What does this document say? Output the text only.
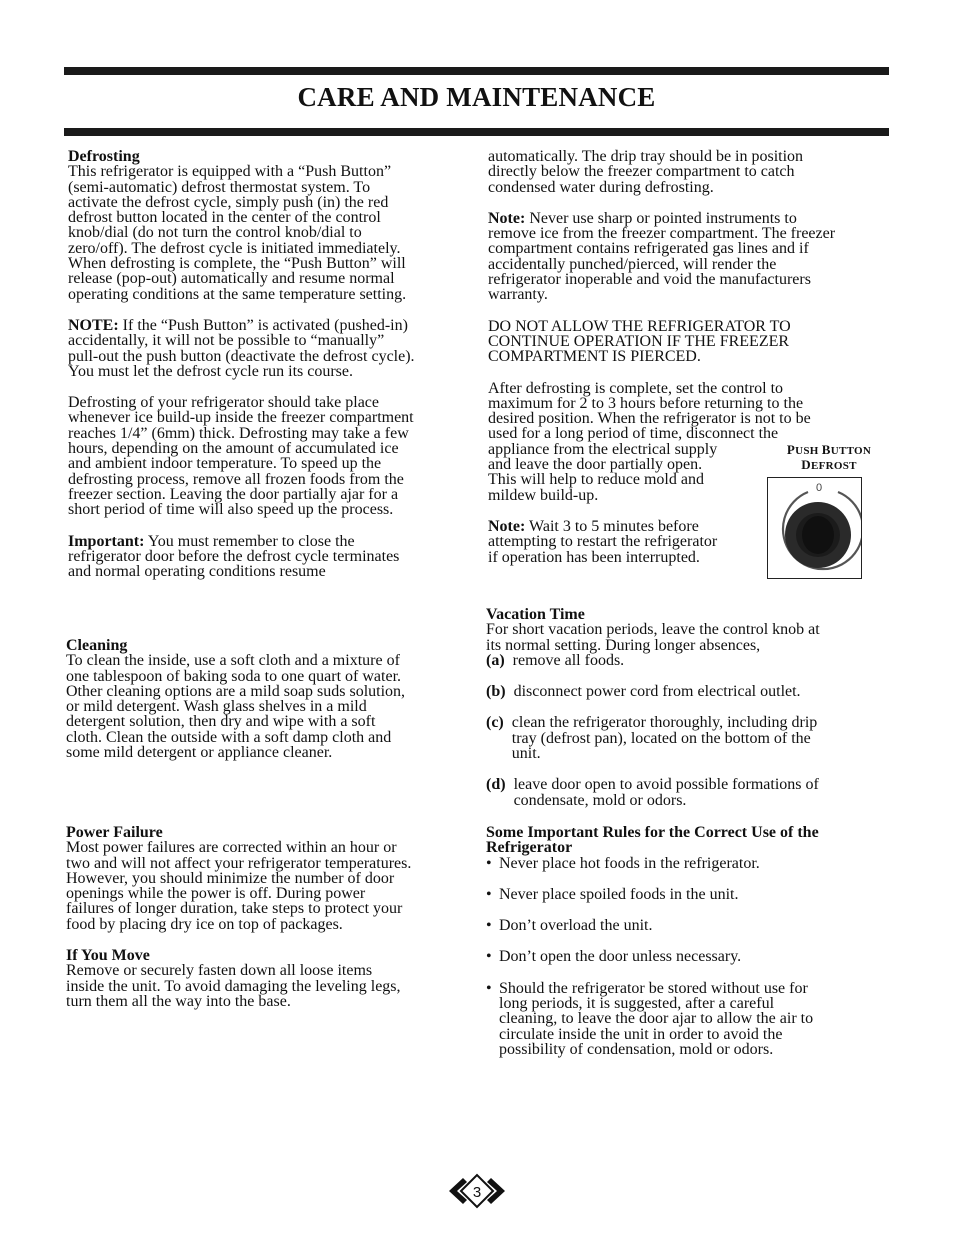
CARE AND MAINTENANCE

Defrosting

This refrigerator is equipped with a “Push Button”

(semi-automatic) defrost thermostat system. To

activate the defrost cycle, simply push (in) the red

defrost button located in the center of the control

knob/dial (do not turn the control knob/dial to

zero/off). The defrost cycle is initiated immediately.

When defrosting is complete, the “Push Button” will

release (pop-out) automatically and resume normal

operating conditions at the same temperature setting.

NOTE: If the “Push Button” is activated (pushed-in)
accidentally, it will not be possible to “manually”
pull-out the push button (deactivate the defrost cycle).
You must let the defrost cycle run its course.

Defrosting of your refrigerator should take place

whenever ice build-up inside the freezer compartment

reaches 1/4” (6mm) thick. Defrosting may take a few

hours, depending on the amount of accumulated ice

and ambient indoor temperature. To speed up the

defrosting process, remove all frozen foods from the

freezer section. Leaving the door partially ajar for a

short period of time will also speed up the process.

Important: You must remember to close the
refrigerator door before the defrost cycle terminates
and normal operating conditions resume

Cleaning

To clean the inside, use a soft cloth and a mixture of

one tablespoon of baking soda to one quart of water.

Other cleaning options are a mild soap suds solution,

or mild detergent. Wash glass shelves in a mild

detergent solution, then dry and wipe with a soft

cloth. Clean the outside with a soft damp cloth and

some mild detergent or appliance cleaner.

Power Failure

Most power failures are corrected within an hour or

two and will not affect your refrigerator temperatures.

However, you should minimize the number of door

openings while the power is off. During power

failures of longer duration, take steps to protect your

food by placing dry ice on top of packages.

If You Move

Remove or securely fasten down all loose items

inside the unit. To avoid damaging the leveling legs,

turn them all the way into the base.

automatically. The drip tray should be in position

directly below the freezer compartment to catch

condensed water during defrosting.

Note: Never use sharp or pointed instruments to
remove ice from the freezer compartment. The freezer
compartment contains refrigerated gas lines and if
accidentally punched/pierced, will render the
refrigerator inoperable and void the manufacturers
warranty.

DO NOT ALLOW THE REFRIGERATOR TO

CONTINUE OPERATION IF THE FREEZER

COMPARTMENT IS PIERCED.

After defrosting is complete, set the control to

maximum for 2 to 3 hours before returning to the

desired position. When the refrigerator is not to be

used for a long period of time, disconnect the

appliance from the electrical supply

and leave the door partially open.

This will help to reduce mold and

mildew build-up.

Note: Wait 3 to 5 minutes before
attempting to restart the refrigerator
if operation has been interrupted.
PUSH BUTTON
DEFROST
0

Vacation Time

For short vacation periods, leave the control knob at

its normal setting. During longer absences,

(a) remove all foods.

(b) disconnect power cord from electrical outlet.

(c) clean the refrigerator thoroughly, including drip

tray (defrost pan), located on the bottom of the

unit.

(d) leave door open to avoid possible formations of

condensate, mold or odors.

Some Important Rules for the Correct Use of the

Refrigerator

• Never place hot foods in the refrigerator.

• Never place spoiled foods in the unit.

• Don’t overload the unit.

• Don’t open the door unless necessary.

• Should the refrigerator be stored without use for

long periods, it is suggested, after a careful

cleaning, to leave the door ajar to allow the air to

circulate inside the unit in order to avoid the

possibility of condensation, mold or odors.

3
